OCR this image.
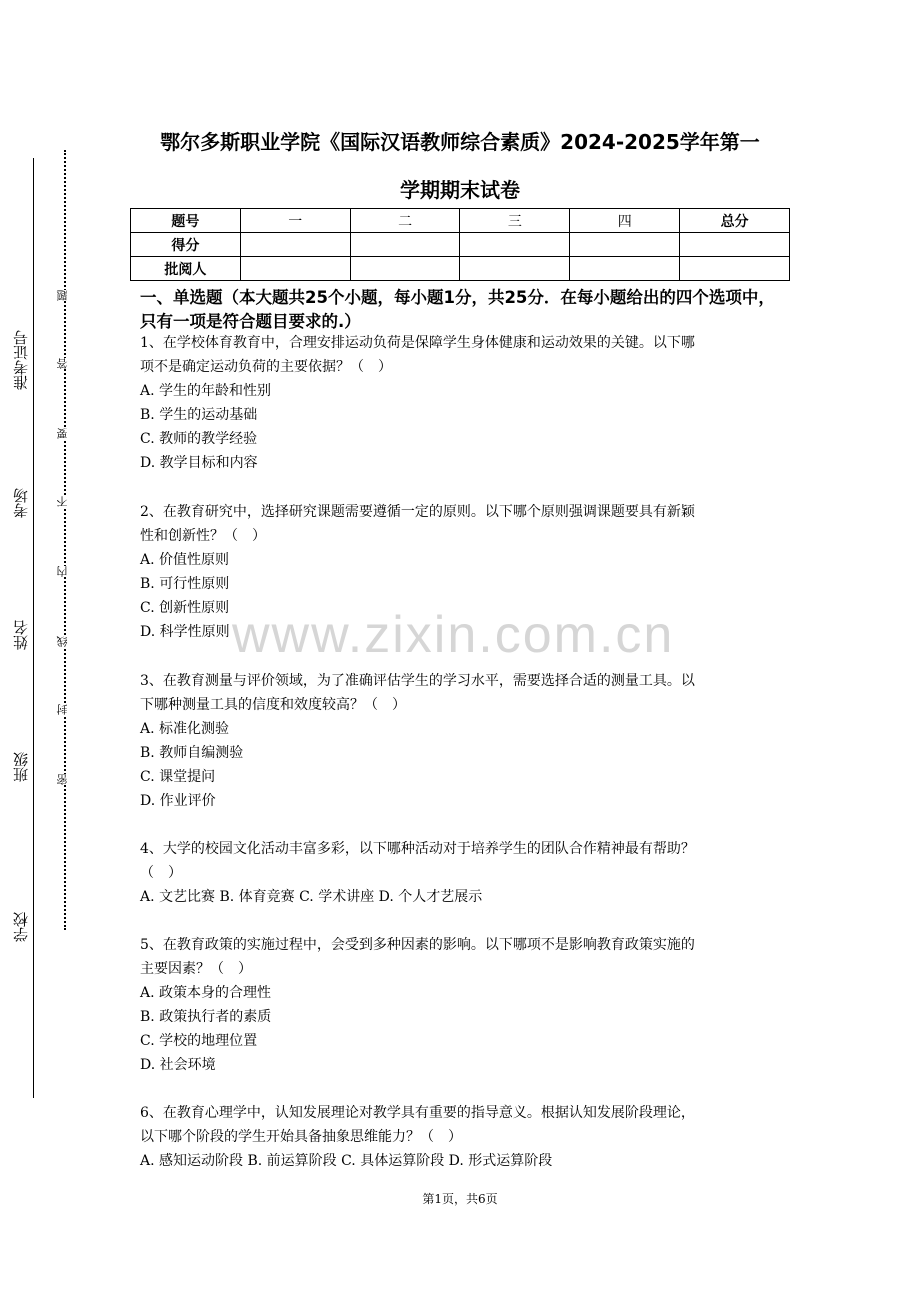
www.zixin.com.cn
准考证号
考场
姓名
班级
学校
题
答
要
不
内
线
封
密
鄂尔多斯职业学院《国际汉语教师综合素质》2024-2025学年第一
学期期末试卷
题号	一	二	三	四	总分
得分					
批阅人					
一、单选题（本大题共25个小题，每小题1分，共25分．在每小题给出的四个选项中，只有一项是符合题目要求的.）

1、在学校体育教育中，合理安排运动负荷是保障学生身体健康和运动效果的关键。以下哪

项不是确定运动负荷的主要依据？（　）

A. 学生的年龄和性别

B. 学生的运动基础

C. 教师的教学经验

D. 教学目标和内容

2、在教育研究中，选择研究课题需要遵循一定的原则。以下哪个原则强调课题要具有新颖

性和创新性？（　）

A. 价值性原则

B. 可行性原则

C. 创新性原则

D. 科学性原则

3、在教育测量与评价领域，为了准确评估学生的学习水平，需要选择合适的测量工具。以

下哪种测量工具的信度和效度较高？（　）

A. 标准化测验

B. 教师自编测验

C. 课堂提问

D. 作业评价

4、大学的校园文化活动丰富多彩，以下哪种活动对于培养学生的团队合作精神最有帮助？

（　）

A. 文艺比赛 B. 体育竞赛 C. 学术讲座 D. 个人才艺展示

5、在教育政策的实施过程中，会受到多种因素的影响。以下哪项不是影响教育政策实施的

主要因素？（　）

A. 政策本身的合理性

B. 政策执行者的素质

C. 学校的地理位置

D. 社会环境

6、在教育心理学中，认知发展理论对教学具有重要的指导意义。根据认知发展阶段理论，

以下哪个阶段的学生开始具备抽象思维能力？（　）

A. 感知运动阶段 B. 前运算阶段 C. 具体运算阶段 D. 形式运算阶段

第1页，共6页
